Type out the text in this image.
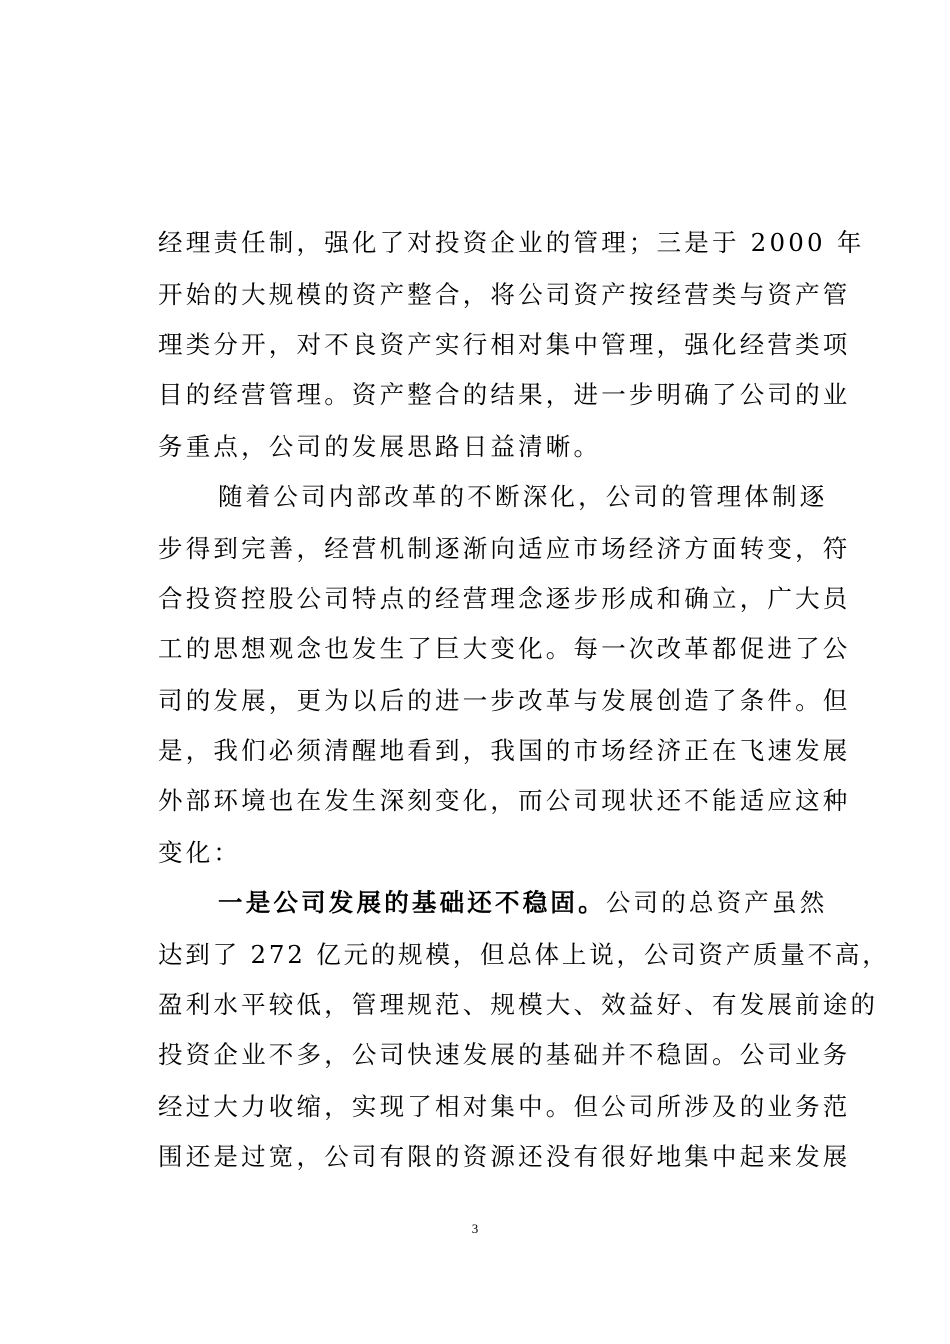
经理责任制，强化了对投资企业的管理；三是于 2000 年
开始的大规模的资产整合，将公司资产按经营类与资产管
理类分开，对不良资产实行相对集中管理，强化经营类项
目的经营管理。资产整合的结果，进一步明确了公司的业
务重点，公司的发展思路日益清晰。
随着公司内部改革的不断深化，公司的管理体制逐
步得到完善，经营机制逐渐向适应市场经济方面转变，符
合投资控股公司特点的经营理念逐步形成和确立，广大员
工的思想观念也发生了巨大变化。每一次改革都促进了公
司的发展，更为以后的进一步改革与发展创造了条件。但
是，我们必须清醒地看到，我国的市场经济正在飞速发展
外部环境也在发生深刻变化，而公司现状还不能适应这种
变化：
一是公司发展的基础还不稳固。公司的总资产虽然
达到了 272 亿元的规模，但总体上说，公司资产质量不高，
盈利水平较低，管理规范、规模大、效益好、有发展前途的
投资企业不多，公司快速发展的基础并不稳固。公司业务
经过大力收缩，实现了相对集中。但公司所涉及的业务范
围还是过宽，公司有限的资源还没有很好地集中起来发展
3
